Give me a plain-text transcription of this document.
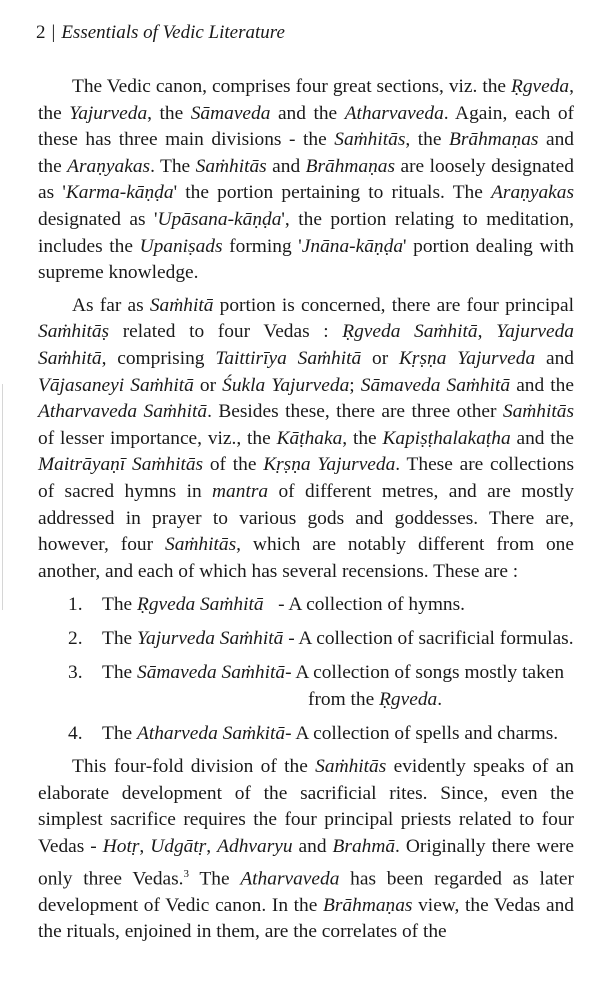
2 | Essentials of Vedic Literature

The Vedic canon, comprises four great sections, viz. the Ṛgveda, the Yajurveda, the Sāmaveda and the Atharvaveda. Again, each of these has three main divisions - the Saṁhitās, the Brāhmaṇas and the Araṇyakas. The Saṁhitās and Brāhmaṇas are loosely designated as 'Karma-kāṇḍa' the portion pertaining to rituals. The Araṇyakas designated as 'Upāsana-kāṇḍa', the portion relating to meditation, includes the Upaniṣads forming 'Jnāna-kāṇḍa' portion dealing with supreme knowledge.

As far as Saṁhitā portion is concerned, there are four principal Saṁhitāṣ related to four Vedas : Ṛgveda Saṁhitā, Yajurveda Saṁhitā, comprising Taittirīya Saṁhitā or Kṛṣṇa Yajurveda and Vājasaneyi Saṁhitā or Śukla Yajurveda; Sāmaveda Saṁhitā and the Atharvaveda Saṁhitā. Besides these, there are three other Saṁhitās of lesser importance, viz., the Kāṭhaka, the Kapiṣṭhalakaṭha and the Maitrāyaṇī Saṁhitās of the Kṛṣṇa Yajurveda. These are collections of sacred hymns in mantra of different metres, and are mostly addressed in prayer to various gods and goddesses. There are, however, four Saṁhitās, which are notably different from one another, and each of which has several recensions. These are :

1. The Ṛgveda Saṁhitā   - A collection of hymns.
2. The Yajurveda Saṁhitā - A collection of sacrificial formulas.
3. The Sāmaveda Saṁhitā- A collection of songs mostly taken
from the Ṛgveda.
4. The Atharveda Saṁkitā- A collection of spells and charms.

This four-fold division of the Saṁhitās evidently speaks of an elaborate development of the sacrificial rites. Since, even the simplest sacrifice requires the four principal priests related to four Vedas - Hotṛ, Udgātṛ, Adhvaryu and Brahmā. Originally there were only three Vedas.$^3$ The Atharvaveda has been regarded as later development of Vedic canon. In the Brāhmaṇas view, the Vedas and the rituals, enjoined in them, are the correlates of the
